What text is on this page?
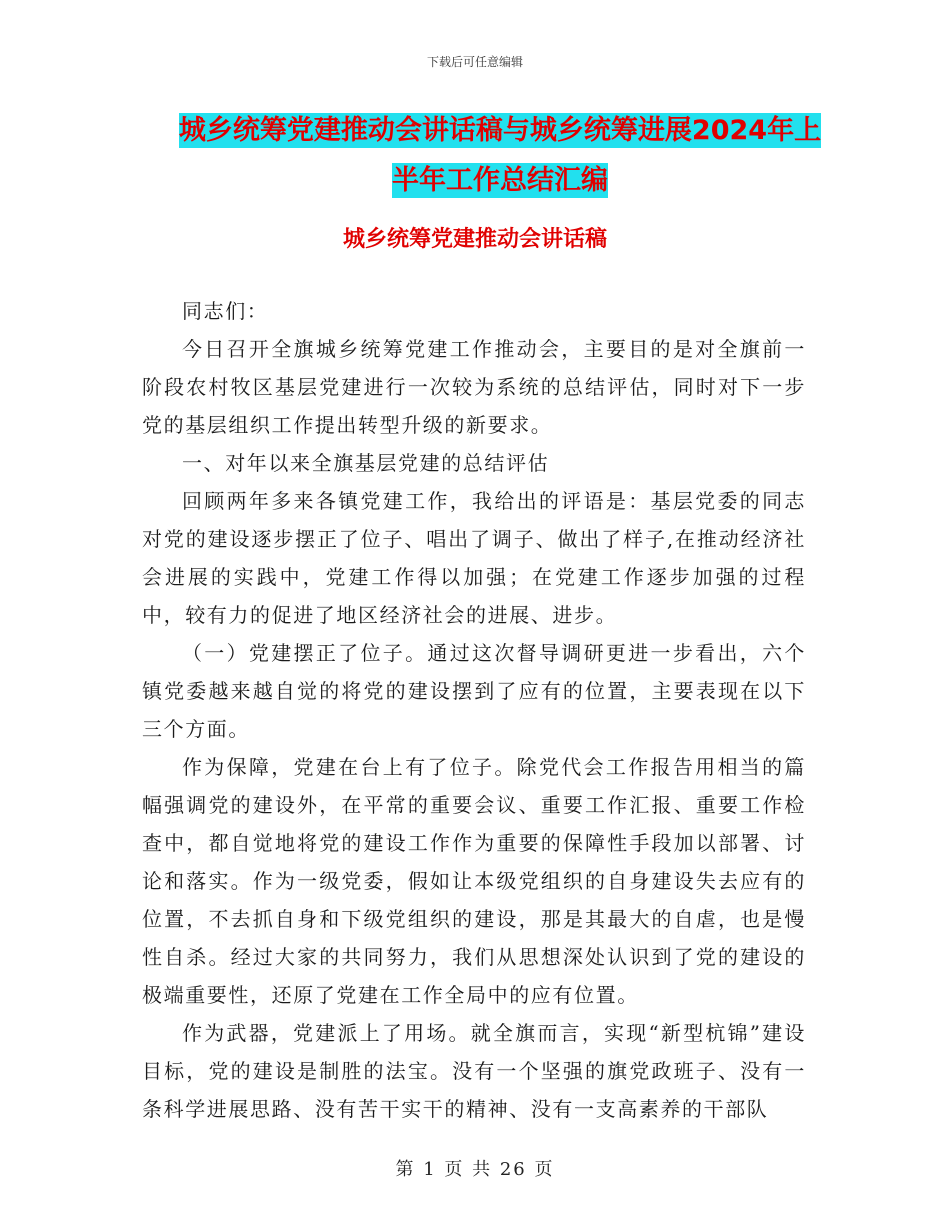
下载后可任意编辑
城乡统筹党建推动会讲话稿与城乡统筹进展2024年上
半年工作总结汇编
城乡统筹党建推动会讲话稿

同志们：

今日召开全旗城乡统筹党建工作推动会，主要目的是对全旗前一阶段农村牧区基层党建进行一次较为系统的总结评估，同时对下一步党的基层组织工作提出转型升级的新要求。

一、对年以来全旗基层党建的总结评估

回顾两年多来各镇党建工作，我给出的评语是：基层党委的同志对党的建设逐步摆正了位子、唱出了调子、做出了样子,在推动经济社会进展的实践中，党建工作得以加强；在党建工作逐步加强的过程中，较有力的促进了地区经济社会的进展、进步。

（一）党建摆正了位子。通过这次督导调研更进一步看出，六个镇党委越来越自觉的将党的建设摆到了应有的位置，主要表现在以下三个方面。

作为保障，党建在台上有了位子。除党代会工作报告用相当的篇幅强调党的建设外，在平常的重要会议、重要工作汇报、重要工作检查中，都自觉地将党的建设工作作为重要的保障性手段加以部署、讨论和落实。作为一级党委，假如让本级党组织的自身建设失去应有的位置，不去抓自身和下级党组织的建设，那是其最大的自虐，也是慢性自杀。经过大家的共同努力，我们从思想深处认识到了党的建设的极端重要性，还原了党建在工作全局中的应有位置。

作为武器，党建派上了用场。就全旗而言，实现“新型杭锦”建设目标，党的建设是制胜的法宝。没有一个坚强的旗党政班子、没有一条科学进展思路、没有苦干实干的精神、没有一支高素养的干部队

第 1 页 共 26 页
